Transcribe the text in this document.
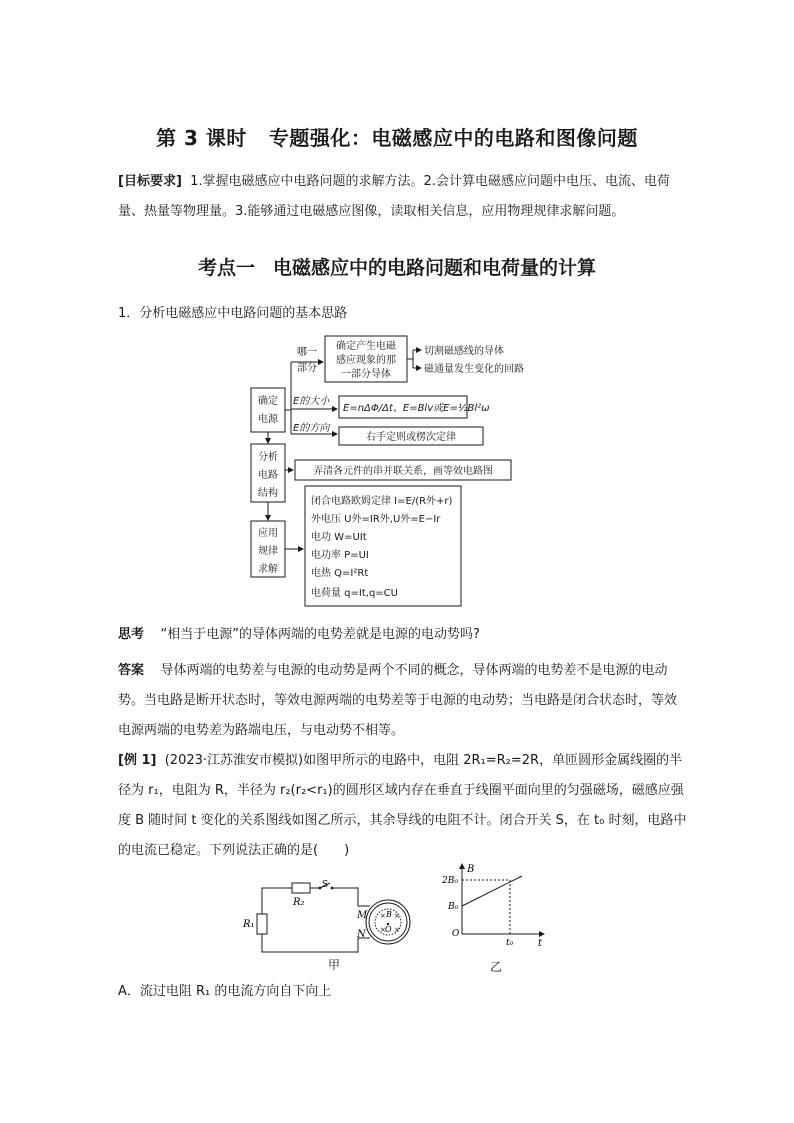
第 3 课时 专题强化：电磁感应中的电路和图像问题
[目标要求] 1.掌握电磁感应中电路问题的求解方法。2.会计算电磁感应问题中电压、电流、电荷量、热量等物理量。3.能够通过电磁感应图像，读取相关信息，应用物理规律求解问题。
考点一 电磁感应中的电路问题和电荷量的计算
1．分析电磁感应中电路问题的基本思路
确定
电源
分析
电路
结构
应用
规律
求解
哪一
部分
确定产生电磁
感应现象的那
一部分导体
切割磁感线的导体
磁通量发生变化的回路
E的大小
E=nΔΦ/Δt、E=Blv或E=½Bl²ω
E的方向
右手定则或楞次定律
弄清各元件的串并联关系，画等效电路图
闭合电路欧姆定律 I=E/(R外+r)
外电压 U外=IR外,U外=E−Ir
电功 W=UIt
电功率 P=UI
电热 Q=I²Rt
电荷量 q=It,q=CU
思考 “相当于电源”的导体两端的电势差就是电源的电动势吗?
答案 导体两端的电势差与电源的电动势是两个不同的概念，导体两端的电势差不是电源的电动势。当电路是断开状态时，等效电源两端的电势差等于电源的电动势；当电路是闭合状态时，等效电源两端的电势差为路端电压，与电动势不相等。
[例 1] (2023·江苏淮安市模拟)如图甲所示的电路中，电阻 2R₁=R₂=2R，单匝圆形金属线圈的半径为 r₁，电阻为 R，半径为 r₂(r₂<r₁)的圆形区域内存在垂直于线圈平面向里的匀强磁场，磁感应强度 B 随时间 t 变化的关系图线如图乙所示，其余导线的电阻不计。闭合开关 S，在 t₀ 时刻，电路中的电流已稳定。下列说法正确的是(　　)
× ×
× ×
R₁
R₂
S
M
N
B
O
甲
B
t
2B₀
B₀
O
t₀
乙
A．流过电阻 R₁ 的电流方向自下向上
